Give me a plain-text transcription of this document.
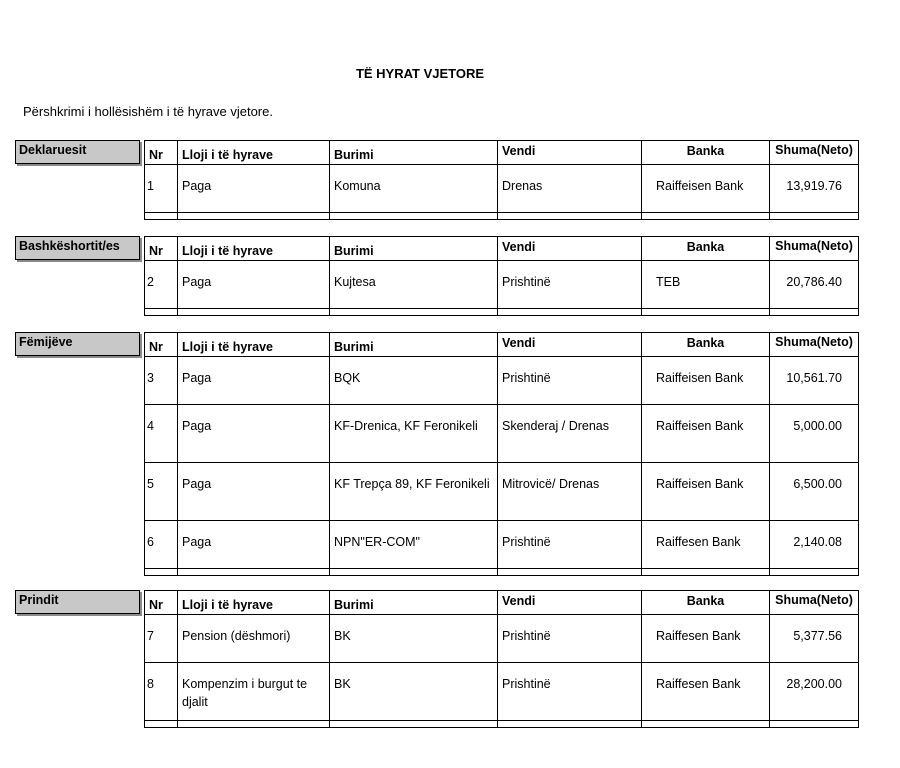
TË HYRAT VJETORE
Përshkrimi i hollësishëm i të hyrave vjetore.
Deklaruesit	Nr	Lloji i të hyrave	Burimi	Vendi	Banka	Shuma(Neto)
1	Paga	Komuna	Drenas	Raiffeisen Bank	13,919.76

Bashkëshortit/es	Nr	Lloji i të hyrave	Burimi	Vendi	Banka	Shuma(Neto)
2	Paga	Kujtesa	Prishtinë	TEB	20,786.40

Fëmijëve	Nr	Lloji i të hyrave	Burimi	Vendi	Banka	Shuma(Neto)
3	Paga	BQK	Prishtinë	Raiffeisen Bank	10,561.70
4	Paga	KF-Drenica, KF Feronikeli	Skenderaj / Drenas	Raiffeisen Bank	5,000.00
5	Paga	KF Trepça 89, KF Feronikeli	Mitrovicë/ Drenas	Raiffeisen Bank	6,500.00
6	Paga	NPN"ER-COM"	Prishtinë	Raiffesen Bank	2,140.08

Prindit	Nr	Lloji i të hyrave	Burimi	Vendi	Banka	Shuma(Neto)
7	Pension (dëshmori)	BK	Prishtinë	Raiffesen Bank	5,377.56
8	Kompenzim i burgut te djalit	BK	Prishtinë	Raiffesen Bank	28,200.00
